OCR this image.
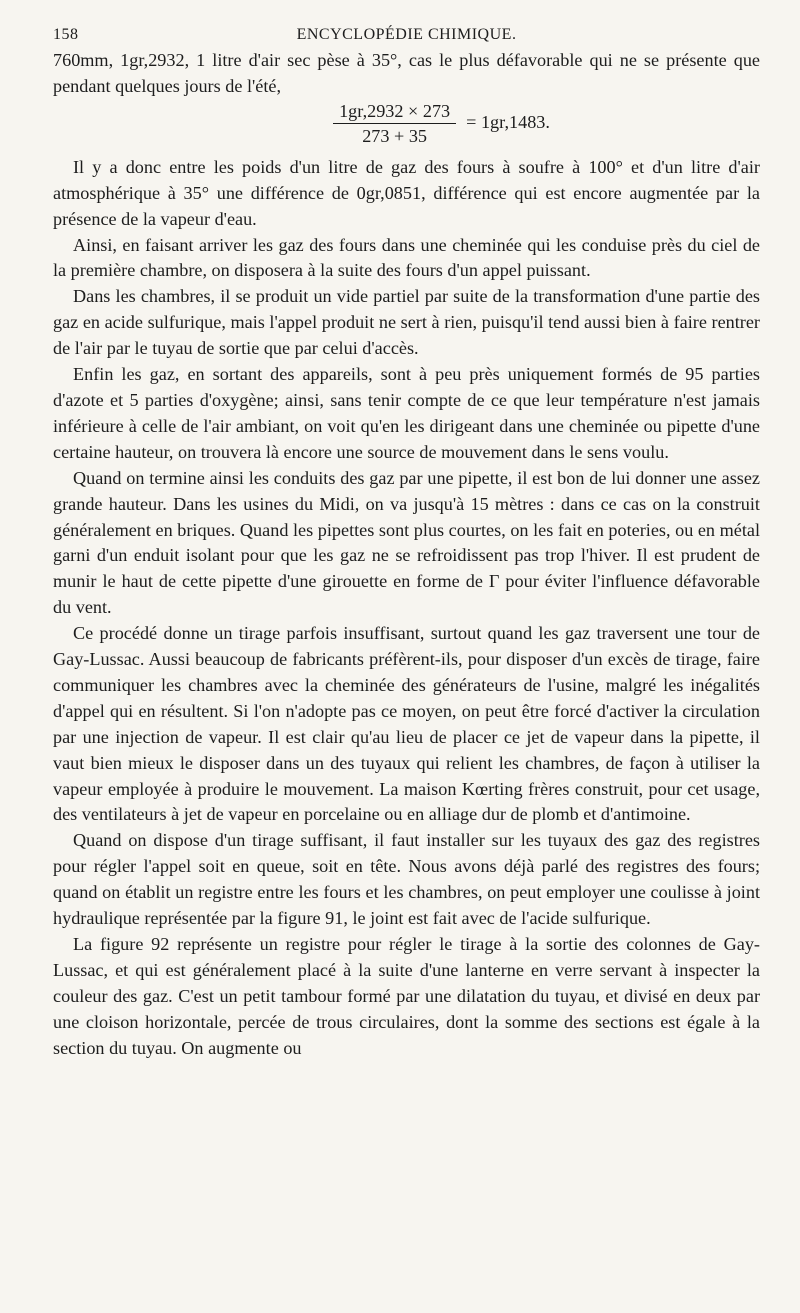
158	ENCYCLOPÉDIE CHIMIQUE.

760mm, 1gr,2932, 1 litre d'air sec pèse à 35°, cas le plus défavorable qui ne se présente que pendant quelques jours de l'été,

$\frac{1gr,2932 \times 273}{273 + 35} = 1gr,1483$.

Il y a donc entre les poids d'un litre de gaz des fours à soufre à 100° et d'un litre d'air atmosphérique à 35° une différence de 0gr,0851, différence qui est encore augmentée par la présence de la vapeur d'eau.

Ainsi, en faisant arriver les gaz des fours dans une cheminée qui les conduise près du ciel de la première chambre, on disposera à la suite des fours d'un appel puissant.

Dans les chambres, il se produit un vide partiel par suite de la transformation d'une partie des gaz en acide sulfurique, mais l'appel produit ne sert à rien, puisqu'il tend aussi bien à faire rentrer de l'air par le tuyau de sortie que par celui d'accès.

Enfin les gaz, en sortant des appareils, sont à peu près uniquement formés de 95 parties d'azote et 5 parties d'oxygène; ainsi, sans tenir compte de ce que leur température n'est jamais inférieure à celle de l'air ambiant, on voit qu'en les dirigeant dans une cheminée ou pipette d'une certaine hauteur, on trouvera là encore une source de mouvement dans le sens voulu.

Quand on termine ainsi les conduits des gaz par une pipette, il est bon de lui donner une assez grande hauteur. Dans les usines du Midi, on va jusqu'à 15 mètres : dans ce cas on la construit généralement en briques. Quand les pipettes sont plus courtes, on les fait en poteries, ou en métal garni d'un enduit isolant pour que les gaz ne se refroidissent pas trop l'hiver. Il est prudent de munir le haut de cette pipette d'une girouette en forme de Γ pour éviter l'influence défavorable du vent.

Ce procédé donne un tirage parfois insuffisant, surtout quand les gaz traversent une tour de Gay-Lussac. Aussi beaucoup de fabricants préfèrent-ils, pour disposer d'un excès de tirage, faire communiquer les chambres avec la cheminée des générateurs de l'usine, malgré les inégalités d'appel qui en résultent. Si l'on n'adopte pas ce moyen, on peut être forcé d'activer la circulation par une injection de vapeur. Il est clair qu'au lieu de placer ce jet de vapeur dans la pipette, il vaut bien mieux le disposer dans un des tuyaux qui relient les chambres, de façon à utiliser la vapeur employée à produire le mouvement. La maison Kœrting frères construit, pour cet usage, des ventilateurs à jet de vapeur en porcelaine ou en alliage dur de plomb et d'antimoine.

Quand on dispose d'un tirage suffisant, il faut installer sur les tuyaux des gaz des registres pour régler l'appel soit en queue, soit en tête. Nous avons déjà parlé des registres des fours; quand on établit un registre entre les fours et les chambres, on peut employer une coulisse à joint hydraulique représentée par la figure 91, le joint est fait avec de l'acide sulfurique.

La figure 92 représente un registre pour régler le tirage à la sortie des colonnes de Gay-Lussac, et qui est généralement placé à la suite d'une lanterne en verre servant à inspecter la couleur des gaz. C'est un petit tambour formé par une dilatation du tuyau, et divisé en deux par une cloison horizontale, percée de trous circulaires, dont la somme des sections est égale à la section du tuyau. On augmente ou
